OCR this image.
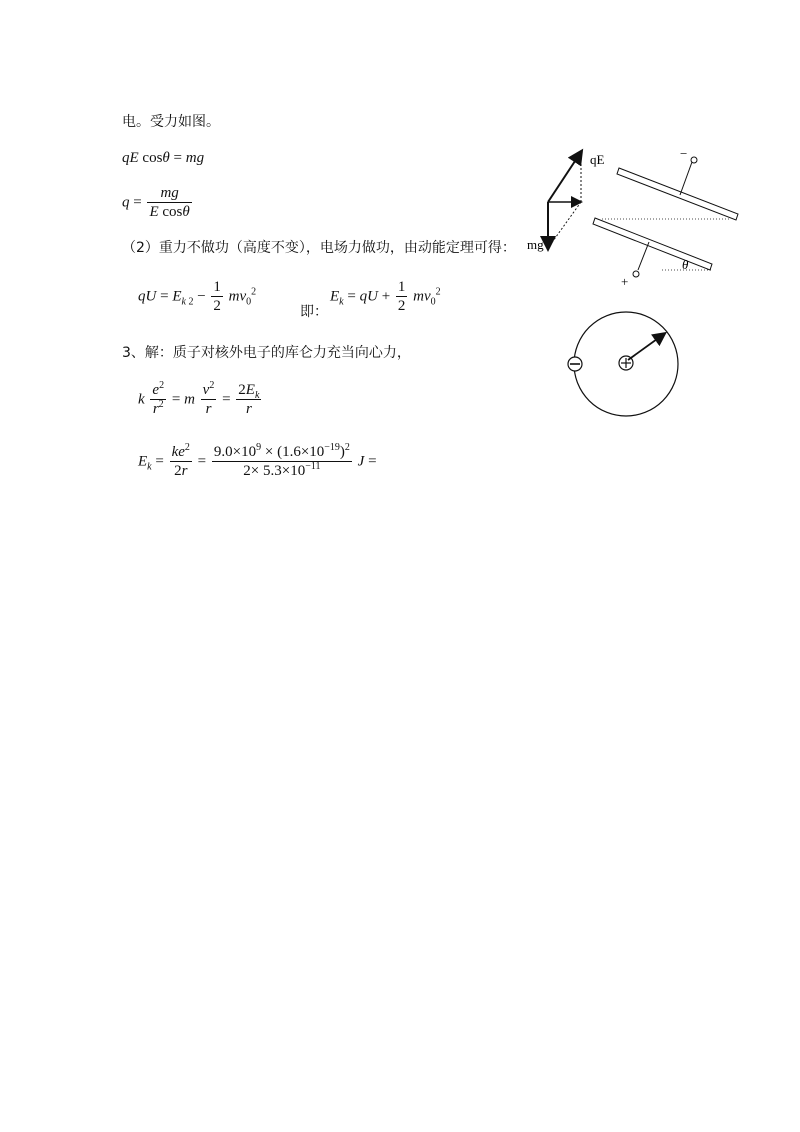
电。受力如图。
qE cosθ = mg
$q = \frac{mg}{\text{E cosθ}}$
（2）重力不做功（高度不变），电场力做功，由动能定理可得：
qU = $E_{k 2} - \frac{1}{2} mv_0^2$
即：
$E_k$ = qU + $\frac{1}{2} mv_0^2$
3、解：质子对核外电子的库仑力充当向心力，
k $\frac{e^2}{r^2} = m \frac{v^2}{r} = \frac{2E_k}{r}$
$E_k = \frac{ke^2}{2r} = \frac{9.0\times 10^9 \times (1.6\times 10^{-19})^2}{2\times 5.3\times 10^{-11}}$ J =
qE
mg
−
+
θ
